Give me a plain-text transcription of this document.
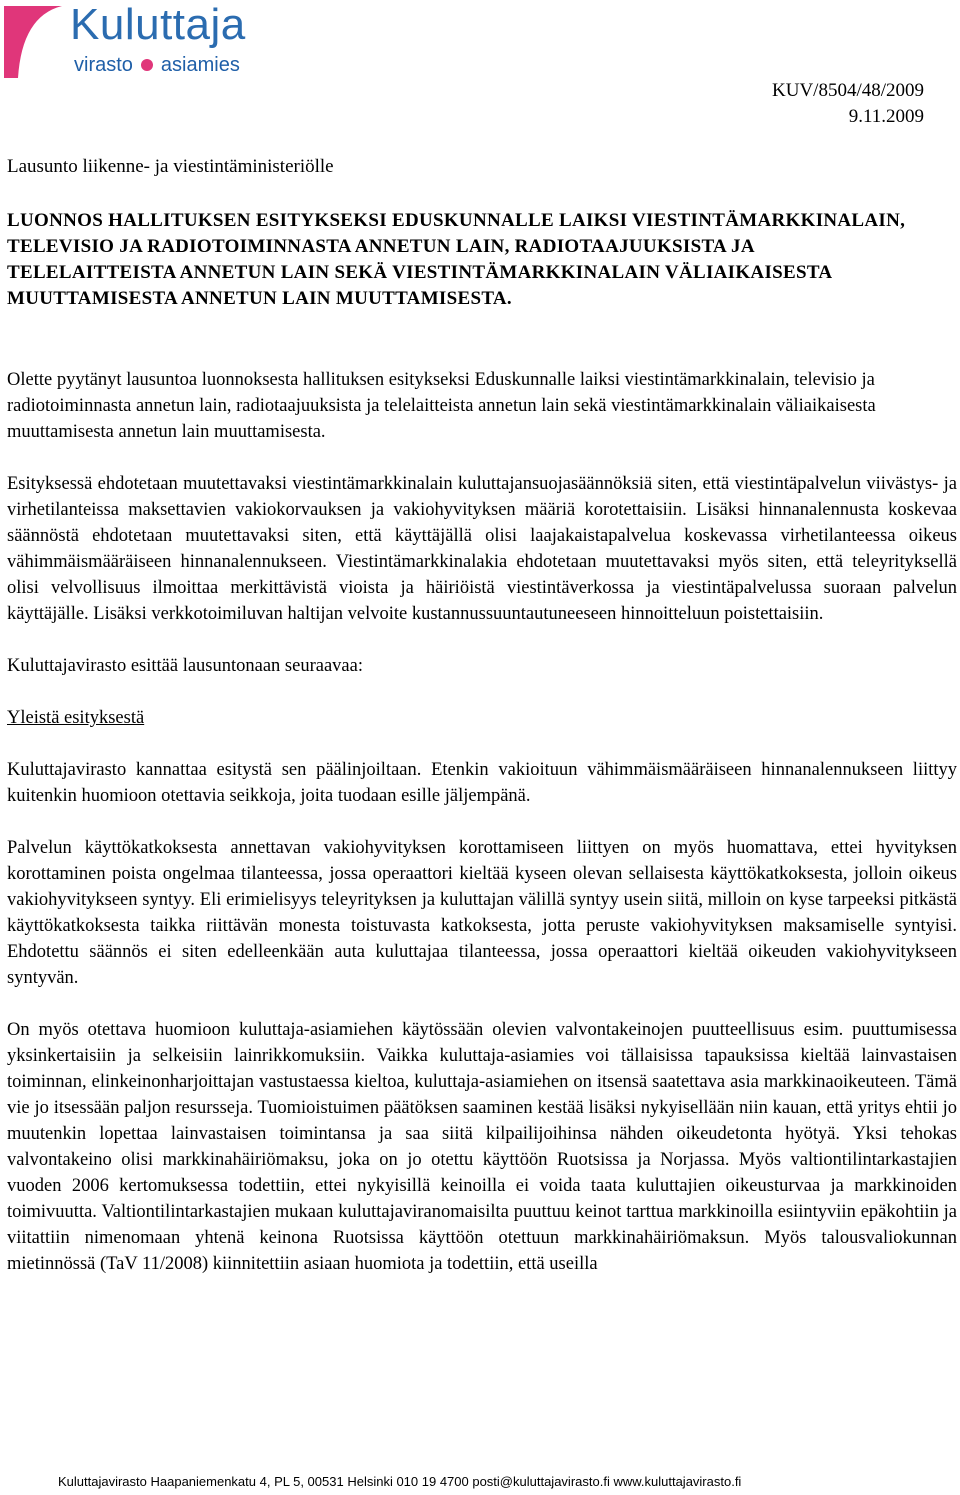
Kuluttaja
virasto asiamies
KUV/8504/48/2009
9.11.2009
Lausunto liikenne- ja viestintäministeriölle
LUONNOS HALLITUKSEN ESITYKSEKSI EDUSKUNNALLE LAIKSI VIESTINTÄMARKKINALAIN, TELEVISIO JA RADIOTOIMINNASTA ANNETUN LAIN, RADIOTAAJUUKSISTA JA TELELAITTEISTA ANNETUN LAIN SEKÄ VIESTINTÄMARKKINALAIN VÄLIAIKAISESTA MUUTTAMISESTA ANNETUN LAIN MUUTTAMISESTA.

Olette pyytänyt lausuntoa luonnoksesta hallituksen esitykseksi Eduskunnalle laiksi viestintämarkkinalain, televisio ja radiotoiminnasta annetun lain, radiotaajuuksista ja telelaitteista annetun lain sekä viestintämarkkinalain väliaikaisesta muuttamisesta annetun lain muuttamisesta.

Esityksessä ehdotetaan muutettavaksi viestintämarkkinalain kuluttajansuojasäännöksiä siten, että viestintäpalvelun viivästys- ja virhetilanteissa maksettavien vakiokorvauksen ja vakiohyvityksen määriä korotettaisiin. Lisäksi hinnanalennusta koskevaa säännöstä ehdotetaan muutettavaksi siten, että käyttäjällä olisi laajakaistapalvelua koskevassa virhetilanteessa oikeus vähimmäismääräiseen hinnanalennukseen. Viestintämarkkinalakia ehdotetaan muutettavaksi myös siten, että teleyrityksellä olisi velvollisuus ilmoittaa merkittävistä vioista ja häiriöistä viestintäverkossa ja viestintäpalvelussa suoraan palvelun käyttäjälle. Lisäksi verkkotoimiluvan haltijan velvoite kustannussuuntautuneeseen hinnoitteluun poistettaisiin.

Kuluttajavirasto esittää lausuntonaan seuraavaa:

Yleistä esityksestä

Kuluttajavirasto kannattaa esitystä sen päälinjoiltaan. Etenkin vakioituun vähimmäismääräiseen hinnanalennukseen liittyy kuitenkin huomioon otettavia seikkoja, joita tuodaan esille jäljempänä.

Palvelun käyttökatkoksesta annettavan vakiohyvityksen korottamiseen liittyen on myös huomattava, ettei hyvityksen korottaminen poista ongelmaa tilanteessa, jossa operaattori kieltää kyseen olevan sellaisesta käyttökatkoksesta, jolloin oikeus vakiohyvitykseen syntyy. Eli erimielisyys teleyrityksen ja kuluttajan välillä syntyy usein siitä, milloin on kyse tarpeeksi pitkästä käyttökatkoksesta taikka riittävän monesta toistuvasta katkoksesta, jotta peruste vakiohyvityksen maksamiselle syntyisi. Ehdotettu säännös ei siten edelleenkään auta kuluttajaa tilanteessa, jossa operaattori kieltää oikeuden vakiohyvitykseen syntyvän.

On myös otettava huomioon kuluttaja-asiamiehen käytössään olevien valvontakeinojen puutteellisuus esim. puuttumisessa yksinkertaisiin ja selkeisiin lainrikkomuksiin. Vaikka kuluttaja-asiamies voi tällaisissa tapauksissa kieltää lainvastaisen toiminnan, elinkeinonharjoittajan vastustaessa kieltoa, kuluttaja-asiamiehen on itsensä saatettava asia markkinaoikeuteen. Tämä vie jo itsessään paljon resursseja. Tuomioistuimen päätöksen saaminen kestää lisäksi nykyisellään niin kauan, että yritys ehtii jo muutenkin lopettaa lainvastaisen toimintansa ja saa siitä kilpailijoihinsa nähden oikeudetonta hyötyä. Yksi tehokas valvontakeino olisi markkinahäiriömaksu, joka on jo otettu käyttöön Ruotsissa ja Norjassa. Myös valtiontilintarkastajien vuoden 2006 kertomuksessa todettiin, ettei nykyisillä keinoilla ei voida taata kuluttajien oikeusturvaa ja markkinoiden toimivuutta. Valtiontilintarkastajien mukaan kuluttajaviranomaisilta puuttuu keinot tarttua markkinoilla esiintyviin epäkohtiin ja viitattiin nimenomaan yhtenä keinona Ruotsissa käyttöön otettuun markkinahäiriömaksun. Myös talousvaliokunnan mietinnössä (TaV 11/2008) kiinnitettiin asiaan huomiota ja todettiin, että useilla

Kuluttajavirasto Haapaniemenkatu 4, PL 5, 00531 Helsinki 010 19 4700 posti@kuluttajavirasto.fi www.kuluttajavirasto.fi
